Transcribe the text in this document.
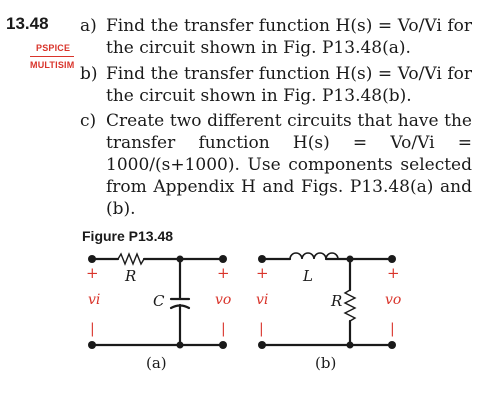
13.48
PSPICE
MULTISIM
a) Find the transfer function H(s) = Vo/Vi for the circuit shown in Fig. P13.48(a).
b) Find the transfer function H(s) = Vo/Vi for the circuit shown in Fig. P13.48(b).
c) Create two different circuits that have the transfer function H(s) = Vo/Vi = 1000/(s+1000). Use components selected from Appendix H and Figs. P13.48(a) and (b).
Figure P13.48
+
vi
|
+
vo
|
R
C
+
vi
|
+
vo
|
L
R
(a)	(b)
